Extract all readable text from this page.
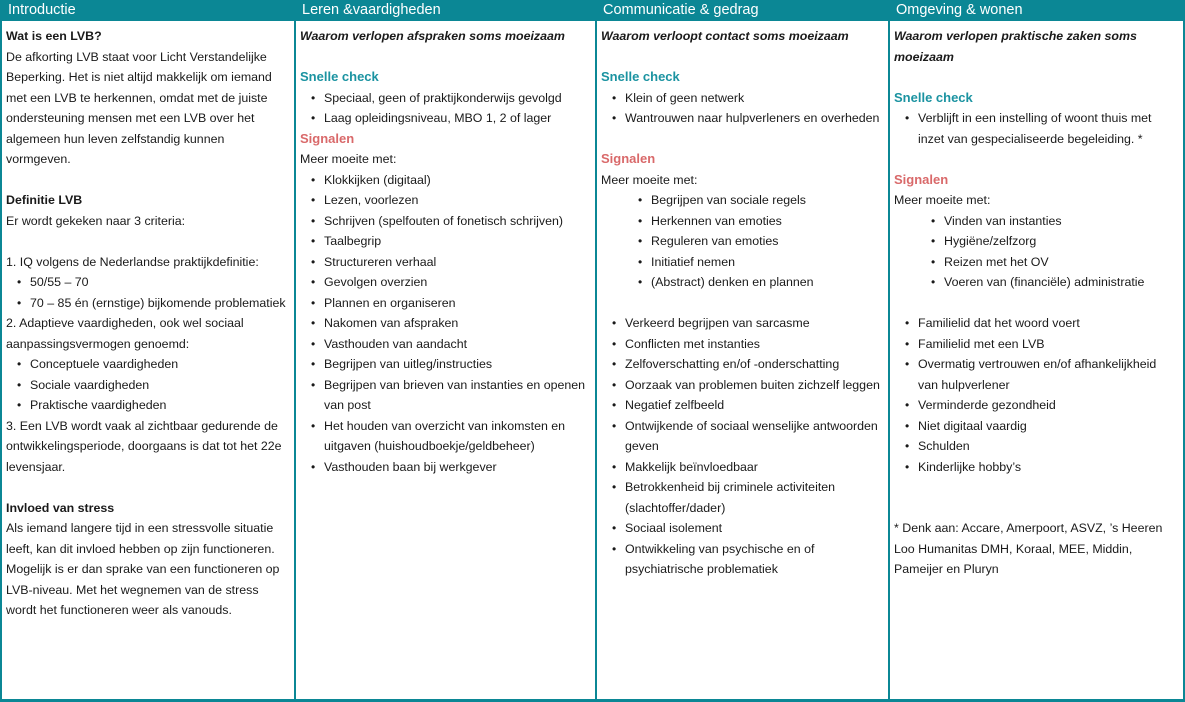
Introductie

Wat is een LVB?

De afkorting LVB staat voor Licht Verstandelijke Beperking. Het is niet altijd makkelijk om iemand met een LVB te herkennen, omdat met de juiste ondersteuning mensen met een LVB over het algemeen hun leven zelfstandig kunnen vormgeven.

Definitie LVB

Er wordt gekeken naar 3 criteria:

1. IQ volgens de Nederlandse praktijkdefinitie:

• 50/55 – 70
• 70 – 85 én (ernstige) bijkomende problematiek

2. Adaptieve vaardigheden, ook wel sociaal aanpassingsvermogen genoemd:

• Conceptuele vaardigheden
• Sociale vaardigheden
• Praktische vaardigheden

3. Een LVB wordt vaak al zichtbaar gedurende de ontwikkelingsperiode, doorgaans is dat tot het 22e levensjaar.

Invloed van stress

Als iemand langere tijd in een stressvolle situatie leeft, kan dit invloed hebben op zijn functioneren. Mogelijk is er dan sprake van een functioneren op LVB-niveau. Met het wegnemen van de stress wordt het functioneren weer als vanouds.

Leren &vaardigheden

Waarom verlopen afspraken soms moeizaam

Snelle check

• Speciaal, geen of praktijkonderwijs gevolgd
• Laag opleidingsniveau, MBO 1, 2 of lager

Signalen

Meer moeite met:

• Klokkijken (digitaal)
• Lezen, voorlezen
• Schrijven (spelfouten of fonetisch schrijven)
• Taalbegrip
• Structureren verhaal
• Gevolgen overzien
• Plannen en organiseren
• Nakomen van afspraken
• Vasthouden van aandacht
• Begrijpen van uitleg/instructies
• Begrijpen van brieven van instanties en openen van post
• Het houden van overzicht van inkomsten en uitgaven (huishoudboekje/geldbeheer)
• Vasthouden baan bij werkgever
Communicatie & gedrag

Waarom verloopt contact soms moeizaam

Snelle check

• Klein of geen netwerk
• Wantrouwen naar hulpverleners en overheden

Signalen

Meer moeite met:

• Begrijpen van sociale regels
• Herkennen van emoties
• Reguleren van emoties
• Initiatief nemen
• (Abstract) denken en plannen
• Verkeerd begrijpen van sarcasme
• Conflicten met instanties
• Zelfoverschatting en/of -onderschatting
• Oorzaak van problemen buiten zichzelf leggen
• Negatief zelfbeeld
• Ontwijkende of sociaal wenselijke antwoorden geven
• Makkelijk beïnvloedbaar
• Betrokkenheid bij criminele activiteiten (slachtoffer/dader)
• Sociaal isolement
• Ontwikkeling van psychische en of psychiatrische problematiek
Omgeving & wonen

Waarom verlopen praktische zaken soms moeizaam

Snelle check

• Verblijft in een instelling of woont thuis met inzet van gespecialiseerde begeleiding. *

Signalen

Meer moeite met:

• Vinden van instanties
• Hygiëne/zelfzorg
• Reizen met het OV
• Voeren van (financiële) administratie
• Familielid dat het woord voert
• Familielid met een LVB
• Overmatig vertrouwen en/of afhankelijkheid van hulpverlener
• Verminderde gezondheid
• Niet digitaal vaardig
• Schulden
• Kinderlijke hobby’s

* Denk aan: Accare, Amerpoort, ASVZ, ’s Heeren Loo Humanitas DMH, Koraal, MEE, Middin, Pameijer en Pluryn
